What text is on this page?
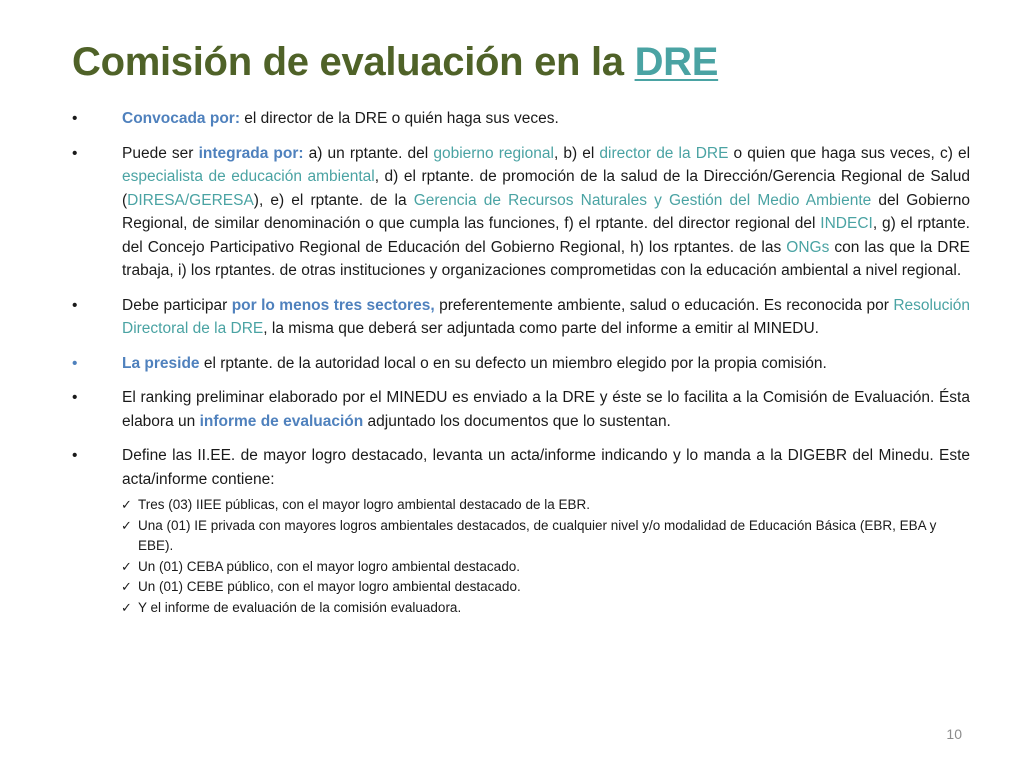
Comisión de evaluación en la DRE
•	Convocada por: el director de la DRE o quién haga sus veces.
•	Puede ser integrada por: a) un rptante. del gobierno regional, b) el director de la DRE o quien que haga sus veces, c) el especialista de educación ambiental, d) el rptante. de promoción de la salud de la Dirección/Gerencia Regional de Salud (DIRESA/GERESA), e) el rptante. de la Gerencia de Recursos Naturales y Gestión del Medio Ambiente del Gobierno Regional, de similar denominación o que cumpla las funciones, f) el rptante. del director regional del INDECI, g) el rptante. del Concejo Participativo Regional de Educación del Gobierno Regional, h) los rptantes. de las ONGs con las que la DRE trabaja, i) los rptantes. de otras instituciones y organizaciones comprometidas con la educación ambiental a nivel regional.
•	Debe participar por lo menos tres sectores, preferentemente ambiente, salud o educación. Es reconocida por Resolución Directoral de la DRE, la misma que deberá ser adjuntada como parte del informe a emitir al MINEDU.
•	La preside el rptante. de la autoridad local o en su defecto un miembro elegido por la propia comisión.
•	El ranking preliminar elaborado por el MINEDU es enviado a la DRE y éste se lo facilita a la Comisión de Evaluación. Ésta elabora un informe de evaluación adjuntado los documentos que lo sustentan.
•	Define las II.EE. de mayor logro destacado, levanta un acta/informe indicando y lo manda a la DIGEBR del Minedu. Este acta/informe contiene:
✓ Tres (03) IIEE públicas, con el mayor logro ambiental destacado de la EBR.
✓ Una (01) IE privada con mayores logros ambientales destacados, de cualquier nivel y/o modalidad de Educación Básica (EBR, EBA y EBE).
✓ Un (01) CEBA público, con el mayor logro ambiental destacado.
✓ Un (01) CEBE público, con el mayor logro ambiental destacado.
✓ Y el informe de evaluación de la comisión evaluadora.
10
